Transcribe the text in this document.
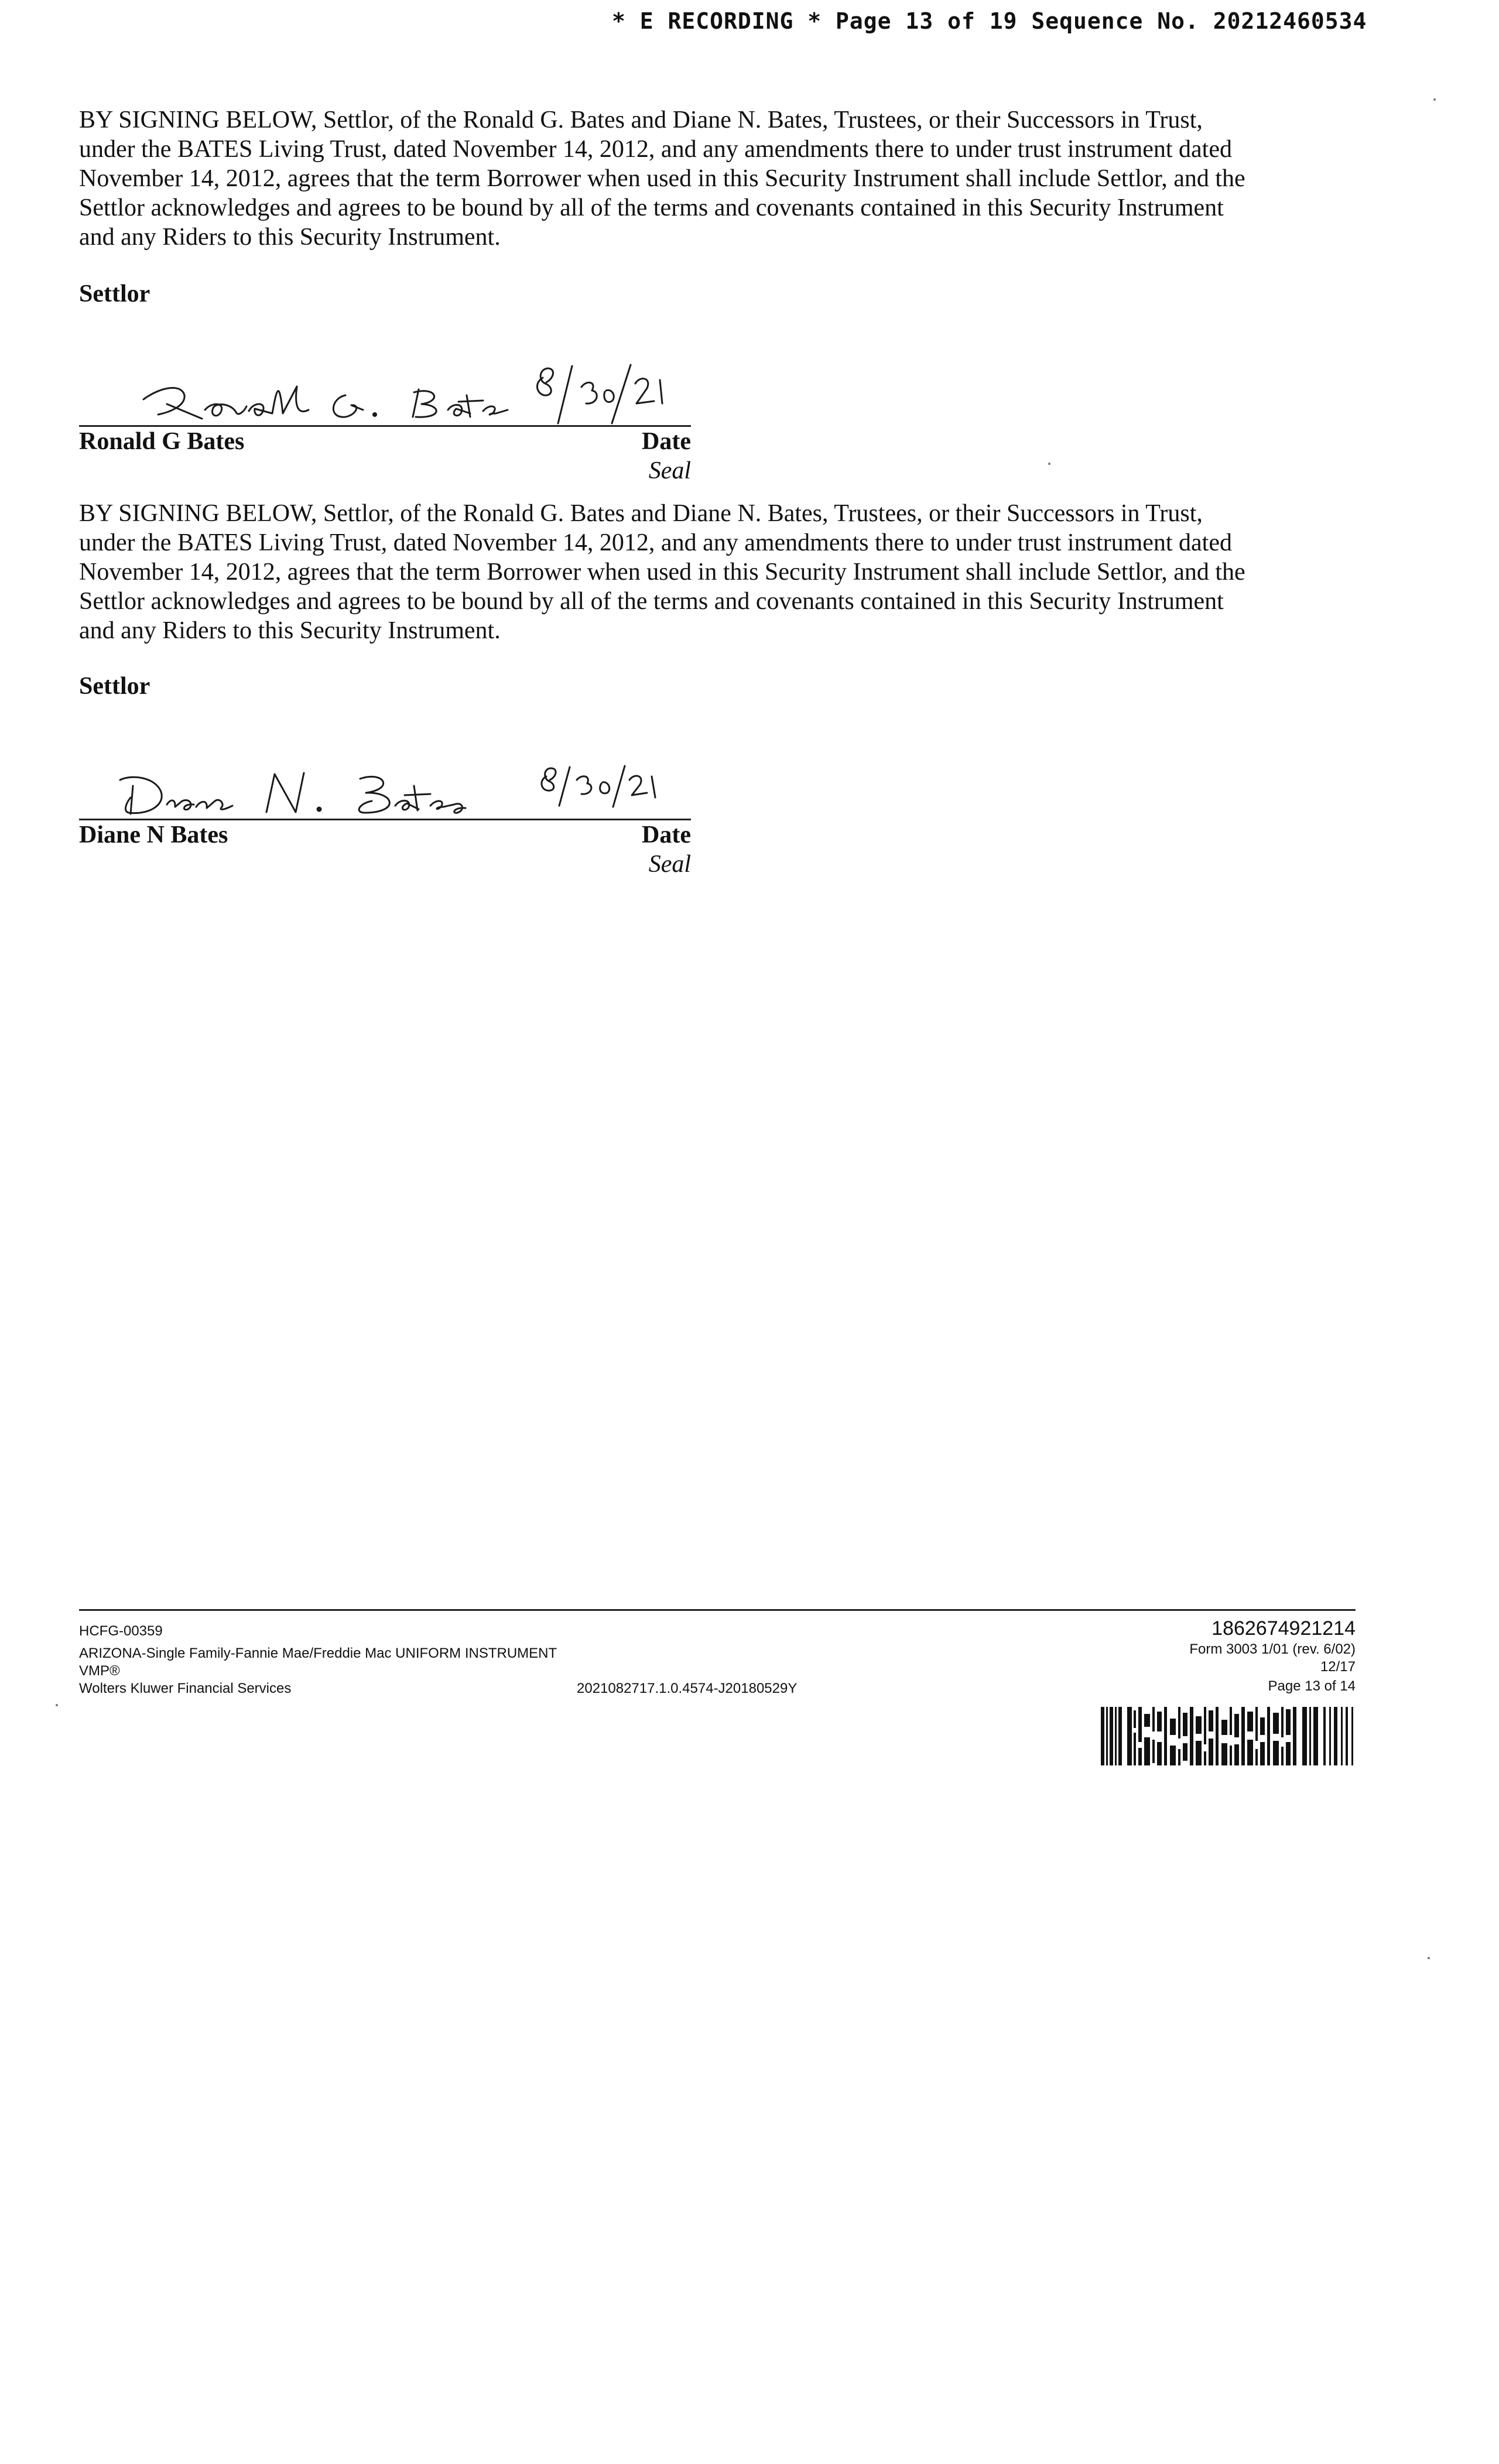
* E RECORDING * Page 13 of 19 Sequence No. 20212460534
BY SIGNING BELOW, Settlor, of the Ronald G. Bates and Diane N. Bates, Trustees, or their Successors in Trust,
under the BATES Living Trust, dated November 14, 2012, and any amendments there to under trust instrument dated
November 14, 2012, agrees that the term Borrower when used in this Security Instrument shall include Settlor, and the
Settlor acknowledges and agrees to be bound by all of the terms and covenants contained in this Security Instrument
and any Riders to this Security Instrument.
Settlor
Ronald G Bates	Date
Seal
BY SIGNING BELOW, Settlor, of the Ronald G. Bates and Diane N. Bates, Trustees, or their Successors in Trust,
under the BATES Living Trust, dated November 14, 2012, and any amendments there to under trust instrument dated
November 14, 2012, agrees that the term Borrower when used in this Security Instrument shall include Settlor, and the
Settlor acknowledges and agrees to be bound by all of the terms and covenants contained in this Security Instrument
and any Riders to this Security Instrument.
Settlor
Diane N Bates	Date
Seal
HCFG-00359
ARIZONA-Single Family-Fannie Mae/Freddie Mac UNIFORM INSTRUMENT
VMP®
Wolters Kluwer Financial Services	2021082717.1.0.4574-J20180529Y
1862674921214
Form 3003 1/01 (rev. 6/02)
12/17
Page 13 of 14
